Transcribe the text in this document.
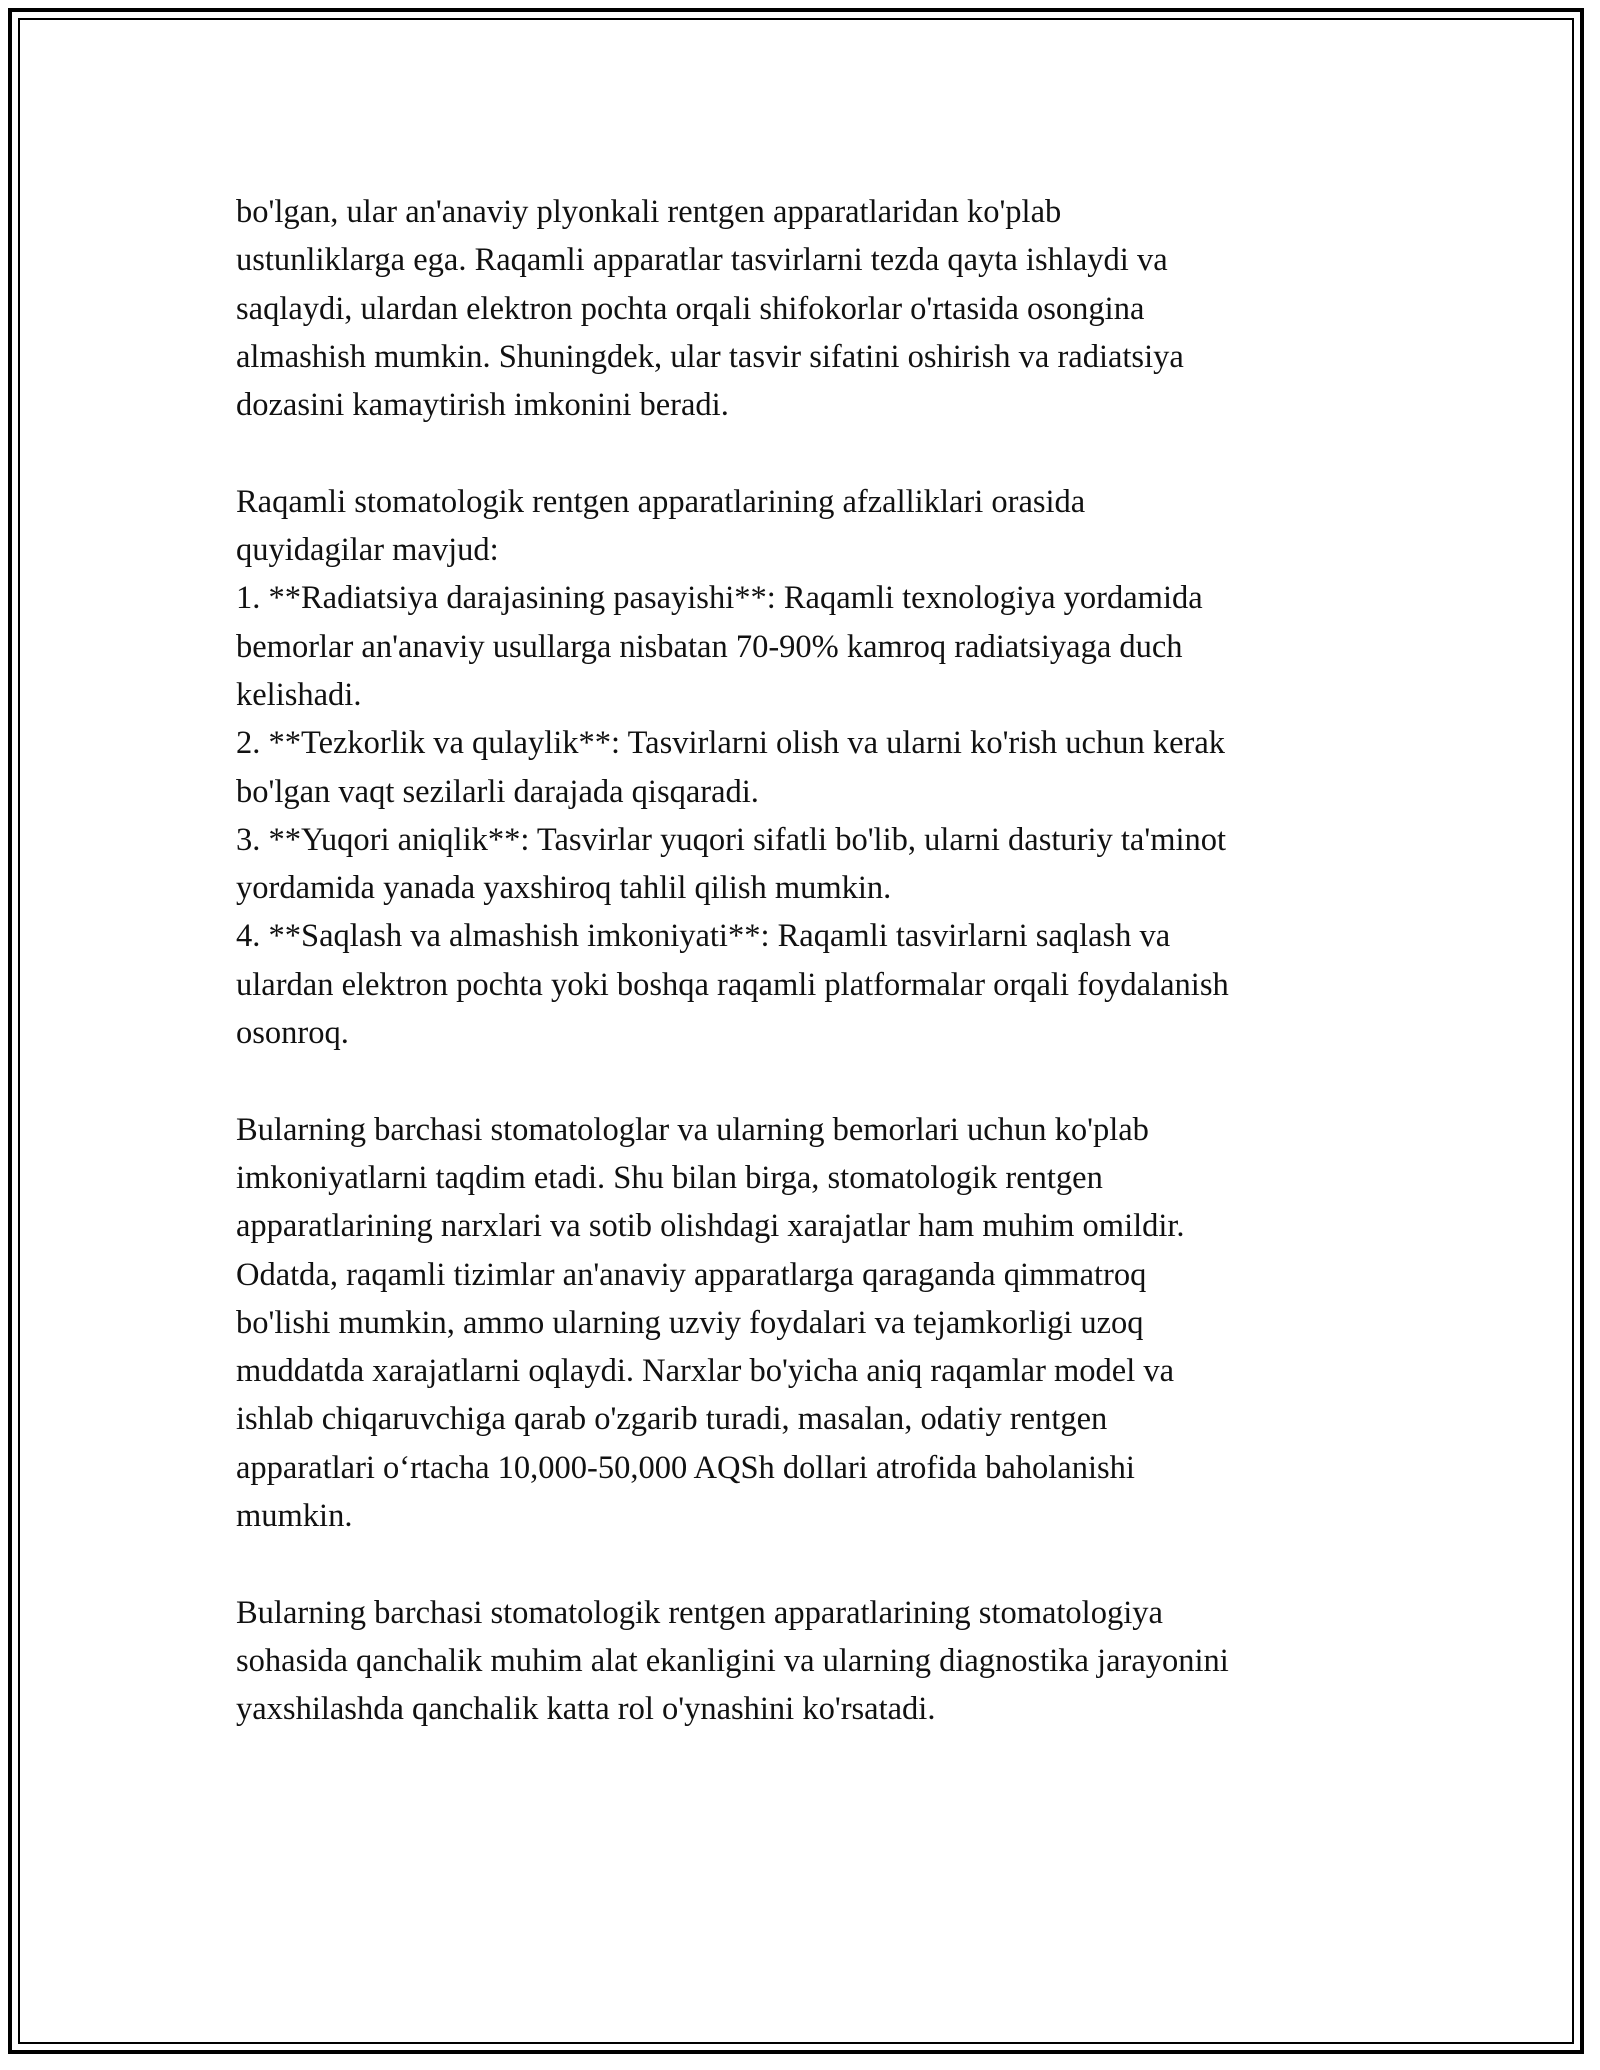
bo'lgan, ular an'anaviy plyonkali rentgen apparatlaridan ko'plab
ustunliklarga ega. Raqamli apparatlar tasvirlarni tezda qayta ishlaydi va
saqlaydi, ulardan elektron pochta orqali shifokorlar o'rtasida osongina
almashish mumkin. Shuningdek, ular tasvir sifatini oshirish va radiatsiya
dozasini kamaytirish imkonini beradi.
Raqamli stomatologik rentgen apparatlarining afzalliklari orasida
quyidagilar mavjud:
1. **Radiatsiya darajasining pasayishi**: Raqamli texnologiya yordamida
bemorlar an'anaviy usullarga nisbatan 70-90% kamroq radiatsiyaga duch
kelishadi.
2. **Tezkorlik va qulaylik**: Tasvirlarni olish va ularni ko'rish uchun kerak
bo'lgan vaqt sezilarli darajada qisqaradi.
3. **Yuqori aniqlik**: Tasvirlar yuqori sifatli bo'lib, ularni dasturiy ta'minot
yordamida yanada yaxshiroq tahlil qilish mumkin.
4. **Saqlash va almashish imkoniyati**: Raqamli tasvirlarni saqlash va
ulardan elektron pochta yoki boshqa raqamli platformalar orqali foydalanish
osonroq.
Bularning barchasi stomatologlar va ularning bemorlari uchun ko'plab
imkoniyatlarni taqdim etadi. Shu bilan birga, stomatologik rentgen
apparatlarining narxlari va sotib olishdagi xarajatlar ham muhim omildir.
Odatda, raqamli tizimlar an'anaviy apparatlarga qaraganda qimmatroq
bo'lishi mumkin, ammo ularning uzviy foydalari va tejamkorligi uzoq
muddatda xarajatlarni oqlaydi. Narxlar bo'yicha aniq raqamlar model va
ishlab chiqaruvchiga qarab o'zgarib turadi, masalan, odatiy rentgen
apparatlari o‘rtacha 10,000-50,000 AQSh dollari atrofida baholanishi
mumkin.
Bularning barchasi stomatologik rentgen apparatlarining stomatologiya
sohasida qanchalik muhim alat ekanligini va ularning diagnostika jarayonini
yaxshilashda qanchalik katta rol o'ynashini ko'rsatadi.
